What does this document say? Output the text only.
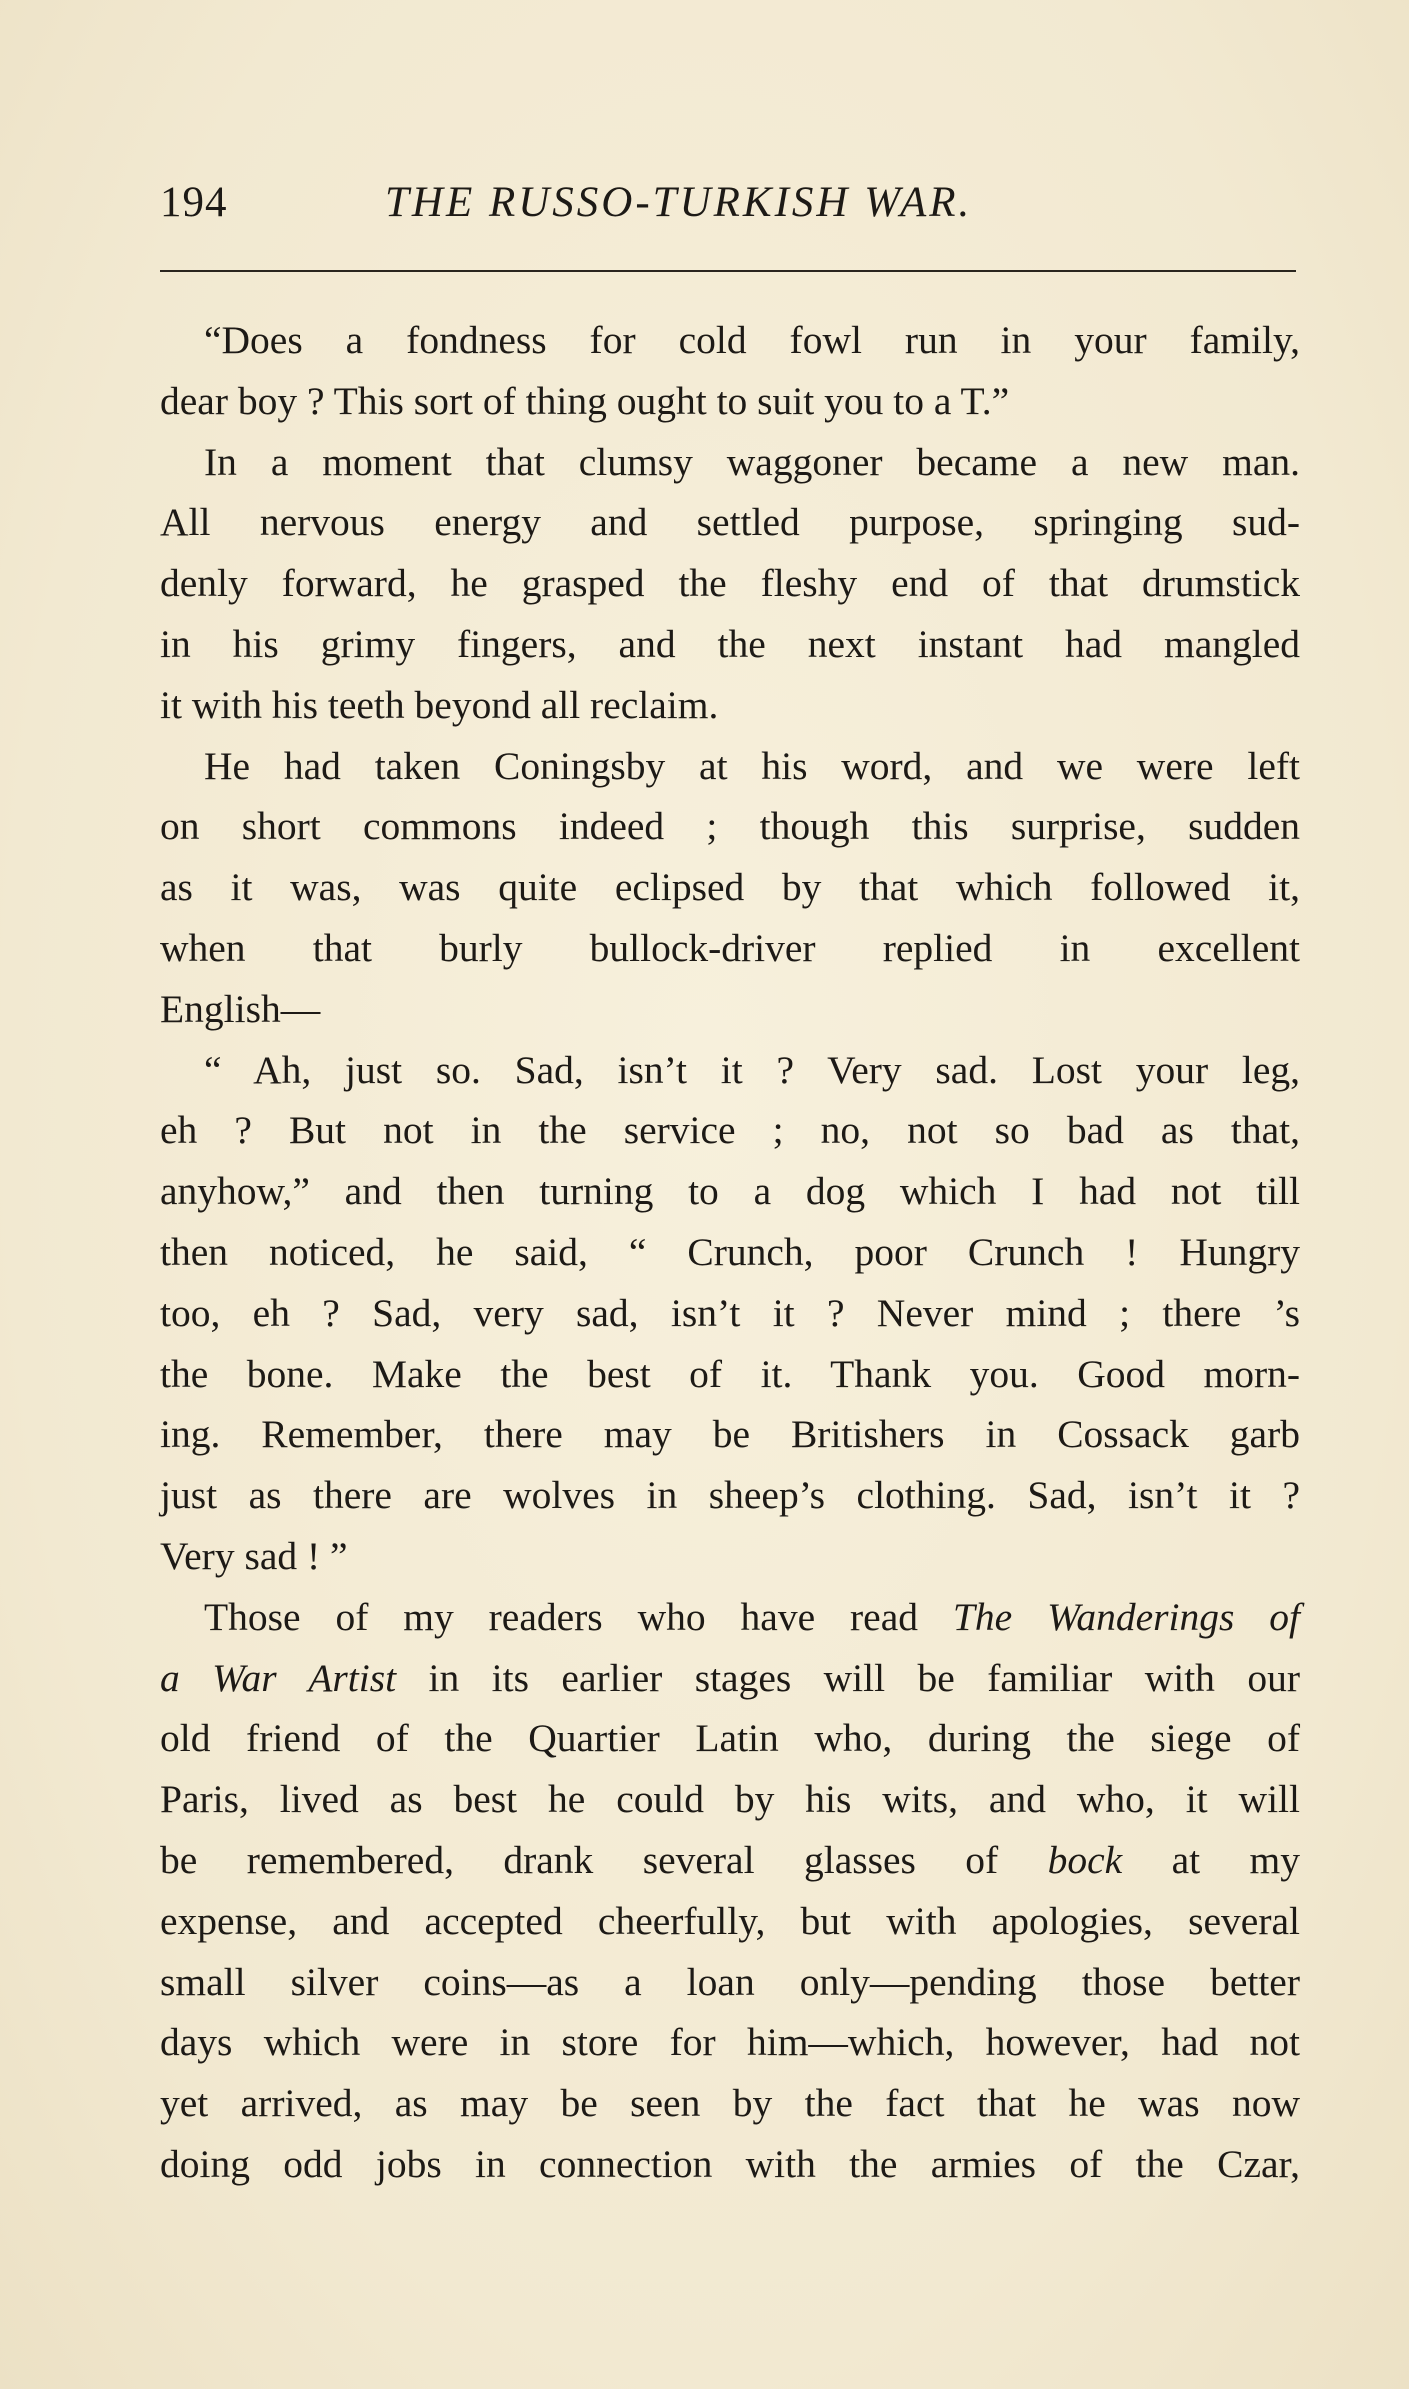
194	THE RUSSO-TURKISH WAR.

“Does a fondness for cold fowl run in your family,
dear boy ? This sort of thing ought to suit you to a T.”

In a moment that clumsy waggoner became a new man.
All nervous energy and settled purpose, springing sud-
denly forward, he grasped the fleshy end of that drumstick
in his grimy fingers, and the next instant had mangled
it with his teeth beyond all reclaim.

He had taken Coningsby at his word, and we were left
on short commons indeed ; though this surprise, sudden
as it was, was quite eclipsed by that which followed it,
when that burly bullock-driver replied in excellent
English—

“ Ah, just so. Sad, isn’t it ? Very sad. Lost your leg,
eh ? But not in the service ; no, not so bad as that,
anyhow,” and then turning to a dog which I had not till
then noticed, he said, “ Crunch, poor Crunch ! Hungry
too, eh ? Sad, very sad, isn’t it ? Never mind ; there ’s
the bone. Make the best of it. Thank you. Good morn-
ing. Remember, there may be Britishers in Cossack garb
just as there are wolves in sheep’s clothing. Sad, isn’t it ?
Very sad ! ”

Those of my readers who have read The Wanderings of
a War Artist in its earlier stages will be familiar with our
old friend of the Quartier Latin who, during the siege of
Paris, lived as best he could by his wits, and who, it will
be remembered, drank several glasses of bock at my
expense, and accepted cheerfully, but with apologies, several
small silver coins—as a loan only—pending those better
days which were in store for him—which, however, had not
yet arrived, as may be seen by the fact that he was now
doing odd jobs in connection with the armies of the Czar,
